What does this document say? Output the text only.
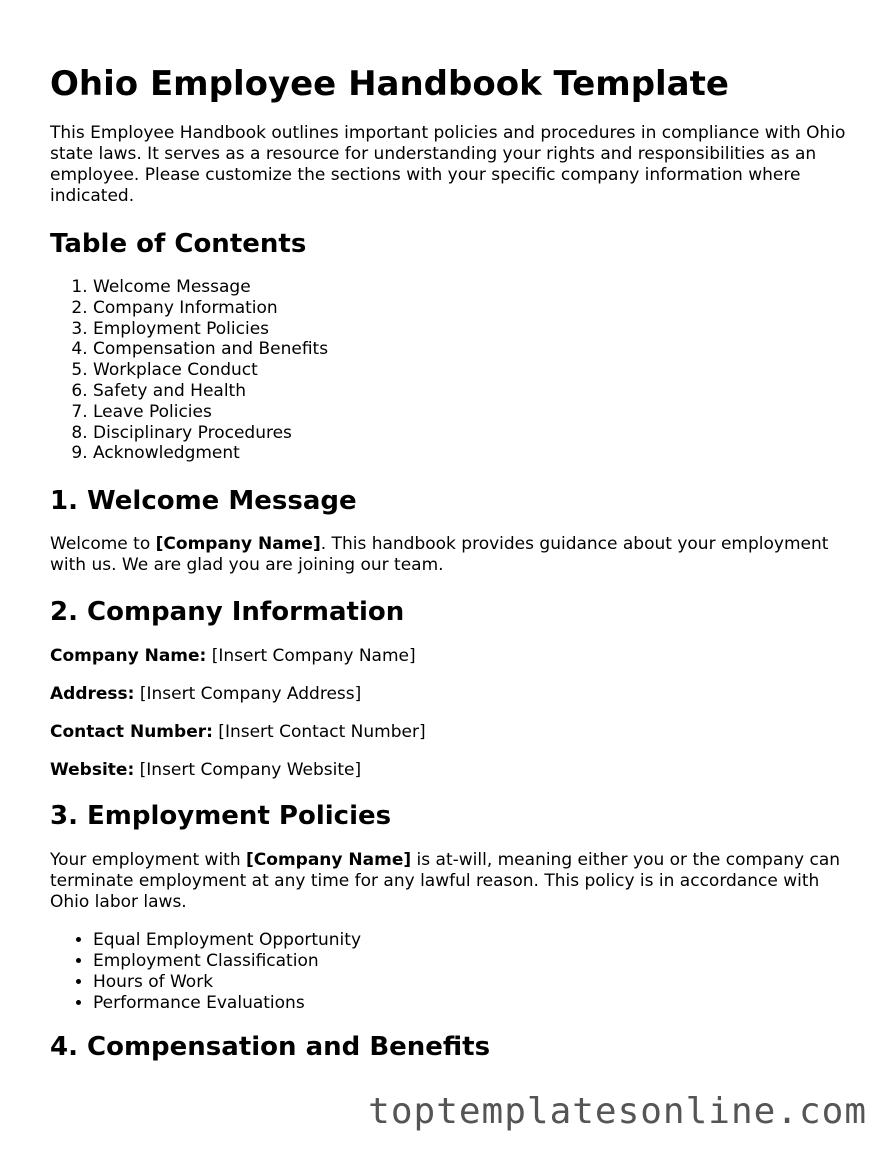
Ohio Employee Handbook Template

This Employee Handbook outlines important policies and procedures in compliance with Ohio state laws. It serves as a resource for understanding your rights and responsibilities as an employee. Please customize the sections with your specific company information where indicated.

Table of Contents
1. Welcome Message
2. Company Information
3. Employment Policies
4. Compensation and Benefits
5. Workplace Conduct
6. Safety and Health
7. Leave Policies
8. Disciplinary Procedures
9. Acknowledgment
1. Welcome Message

Welcome to [Company Name]. This handbook provides guidance about your employment with us. We are glad you are joining our team.

2. Company Information

Company Name: [Insert Company Name]

Address: [Insert Company Address]

Contact Number: [Insert Contact Number]

Website: [Insert Company Website]

3. Employment Policies

Your employment with [Company Name] is at-will, meaning either you or the company can terminate employment at any time for any lawful reason. This policy is in accordance with Ohio labor laws.

• Equal Employment Opportunity
• Employment Classification
• Hours of Work
• Performance Evaluations
4. Compensation and Benefits
toptemplatesonline.com
